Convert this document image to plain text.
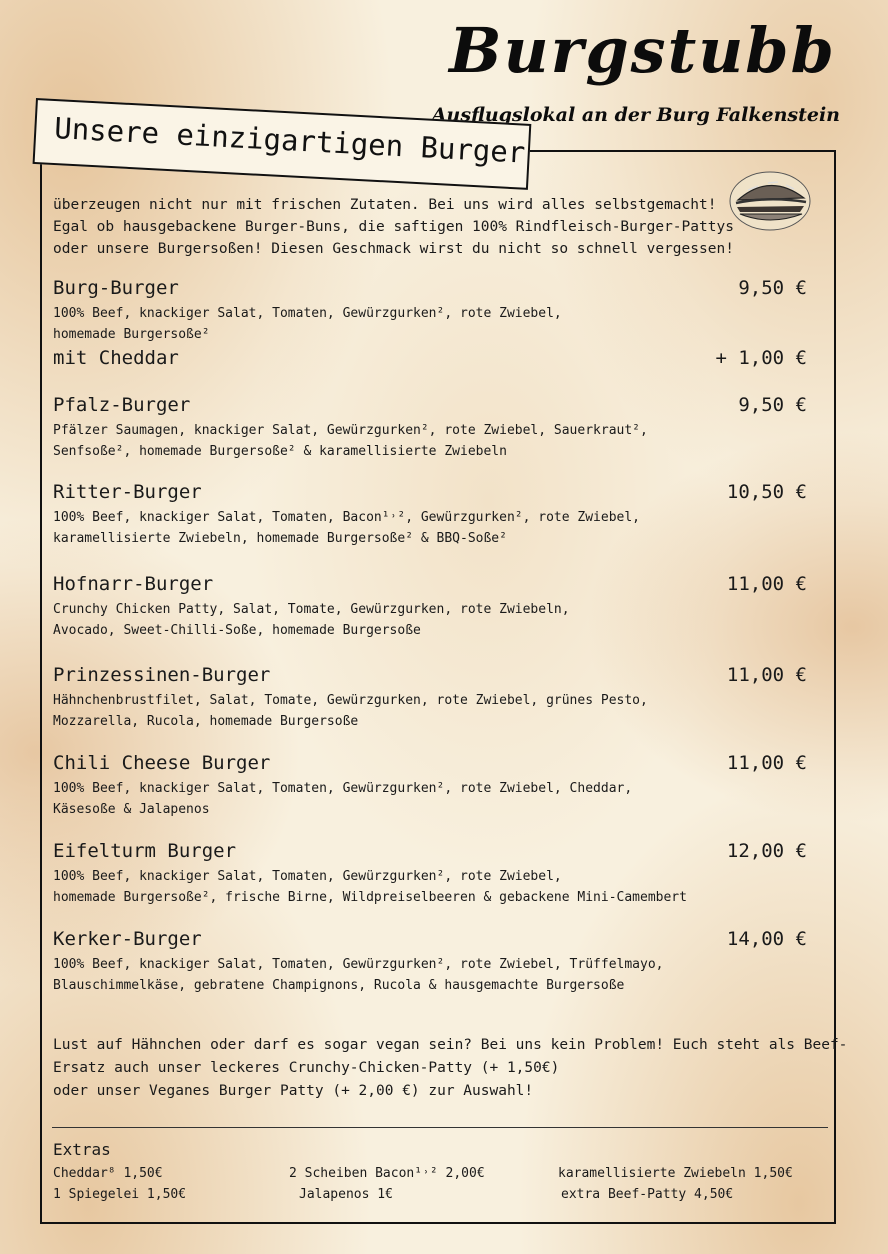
Burgstubb
Ausflugslokal an der Burg Falkenstein
Unsere einzigartigen Burger
überzeugen nicht nur mit frischen Zutaten. Bei uns wird alles selbstgemacht!
Egal ob hausgebackene Burger-Buns, die saftigen 100% Rindfleisch-Burger-Pattys
oder unsere Burgersoßen! Diesen Geschmack wirst du nicht so schnell vergessen!
Burg-Burger	9,50 €
100% Beef, knackiger Salat, Tomaten, Gewürzgurken², rote Zwiebel,
homemade Burgersoße²
mit Cheddar	+ 1,00 €
Pfalz-Burger	9,50 €
Pfälzer Saumagen, knackiger Salat, Gewürzgurken², rote Zwiebel, Sauerkraut²,
Senfsoße², homemade Burgersoße² & karamellisierte Zwiebeln
Ritter-Burger	10,50 €
100% Beef, knackiger Salat, Tomaten, Bacon¹˒², Gewürzgurken², rote Zwiebel,
karamellisierte Zwiebeln, homemade Burgersoße² & BBQ-Soße²
Hofnarr-Burger	11,00 €
Crunchy Chicken Patty, Salat, Tomate, Gewürzgurken, rote Zwiebeln,
Avocado, Sweet-Chilli-Soße, homemade Burgersoße
Prinzessinen-Burger	11,00 €
Hähnchenbrustfilet, Salat, Tomate, Gewürzgurken, rote Zwiebel, grünes Pesto,
Mozzarella, Rucola, homemade Burgersoße
Chili Cheese Burger	11,00 €
100% Beef, knackiger Salat, Tomaten, Gewürzgurken², rote Zwiebel, Cheddar,
Käsesoße & Jalapenos
Eifelturm Burger	12,00 €
100% Beef, knackiger Salat, Tomaten, Gewürzgurken², rote Zwiebel,
homemade Burgersoße², frische Birne, Wildpreiselbeeren & gebackene Mini-Camembert
Kerker-Burger	14,00 €
100% Beef, knackiger Salat, Tomaten, Gewürzgurken², rote Zwiebel, Trüffelmayo,
Blauschimmelkäse, gebratene Champignons, Rucola & hausgemachte Burgersoße
Lust auf Hähnchen oder darf es sogar vegan sein? Bei uns kein Problem! Euch steht als Beef-
Ersatz auch unser leckeres Crunchy-Chicken-Patty (+ 1,50€)
oder unser Veganes Burger Patty (+ 2,00 €) zur Auswahl!
Extras
Cheddar⁸ 1,50€	2 Scheiben Bacon¹˒² 2,00€	karamellisierte Zwiebeln 1,50€
1 Spiegelei 1,50€	Jalapenos 1€	extra Beef-Patty 4,50€
